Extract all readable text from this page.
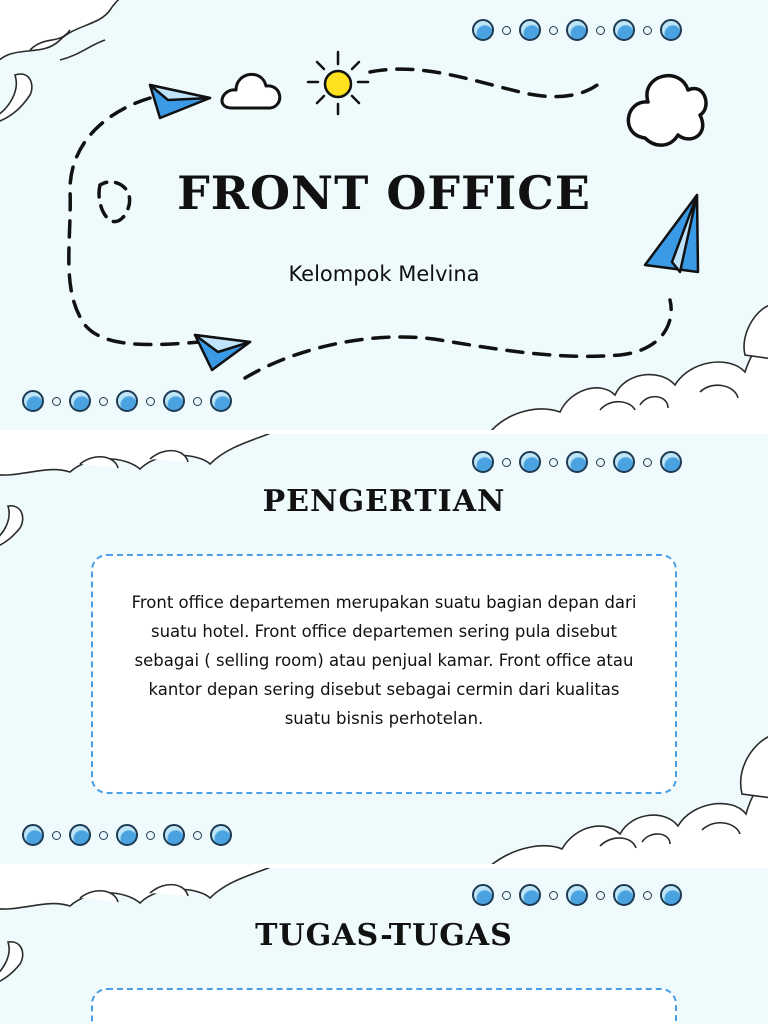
FRONT OFFICE
Kelompok Melvina
PENGERTIAN

Front office departemen merupakan suatu bagian depan dari suatu hotel. Front office departemen sering pula disebut sebagai ( selling room) atau penjual kamar. Front office atau kantor depan sering disebut sebagai cermin dari kualitas suatu bisnis perhotelan.

TUGAS-TUGAS
